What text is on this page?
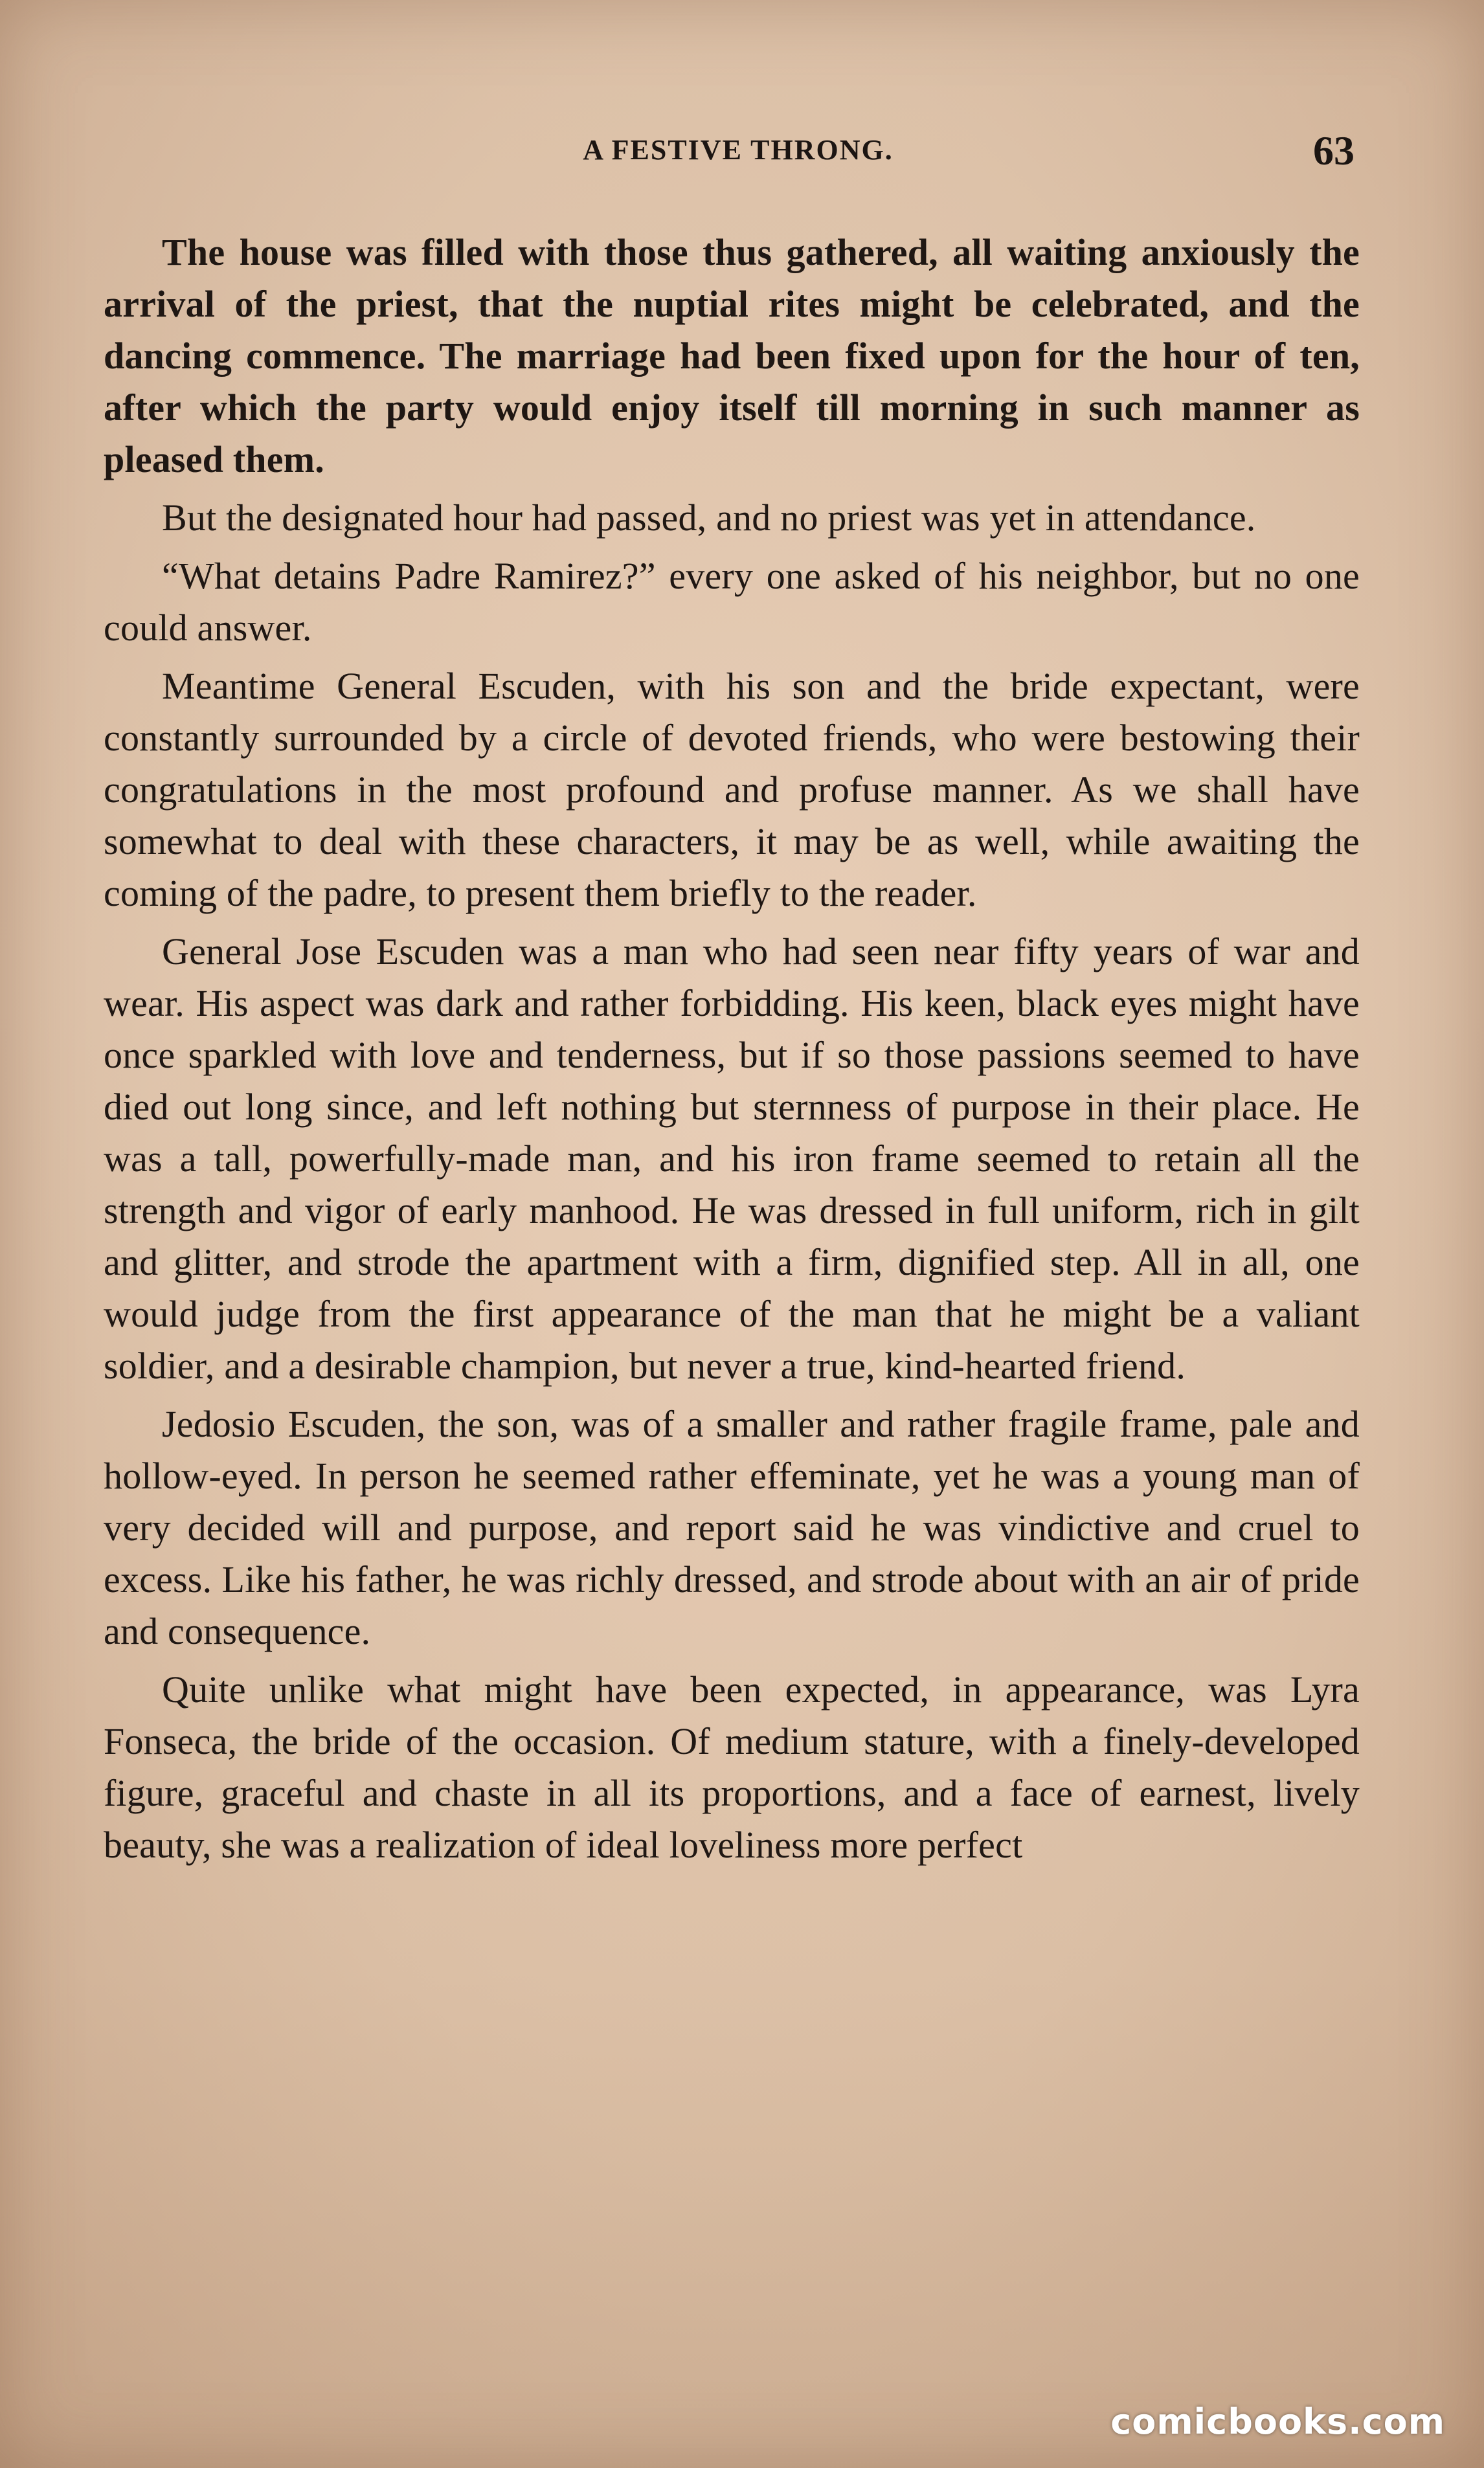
A FESTIVE THRONG.	63

The house was filled with those thus gathered, all waiting anxiously the arrival of the priest, that the nuptial rites might be celebrated, and the dancing commence. The marriage had been fixed upon for the hour of ten, after which the party would enjoy itself till morning in such manner as pleased them.

But the designated hour had passed, and no priest was yet in attendance.

“What detains Padre Ramirez?” every one asked of his neighbor, but no one could answer.

Meantime General Escuden, with his son and the bride expectant, were constantly surrounded by a circle of devoted friends, who were bestowing their congratulations in the most profound and profuse manner. As we shall have somewhat to deal with these characters, it may be as well, while awaiting the coming of the padre, to present them briefly to the reader.

General Jose Escuden was a man who had seen near fifty years of war and wear. His aspect was dark and rather forbidding. His keen, black eyes might have once sparkled with love and tenderness, but if so those passions seemed to have died out long since, and left nothing but sternness of purpose in their place. He was a tall, powerfully-made man, and his iron frame seemed to retain all the strength and vigor of early manhood. He was dressed in full uniform, rich in gilt and glitter, and strode the apartment with a firm, dignified step. All in all, one would judge from the first appearance of the man that he might be a valiant soldier, and a desirable champion, but never a true, kind-hearted friend.

Jedosio Escuden, the son, was of a smaller and rather fragile frame, pale and hollow-eyed. In person he seemed rather effeminate, yet he was a young man of very decided will and purpose, and report said he was vindictive and cruel to excess. Like his father, he was richly dressed, and strode about with an air of pride and consequence.

Quite unlike what might have been expected, in appearance, was Lyra Fonseca, the bride of the occasion. Of medium stature, with a finely-developed figure, graceful and chaste in all its proportions, and a face of earnest, lively beauty, she was a realization of ideal loveliness more perfect

comicbooks.com
